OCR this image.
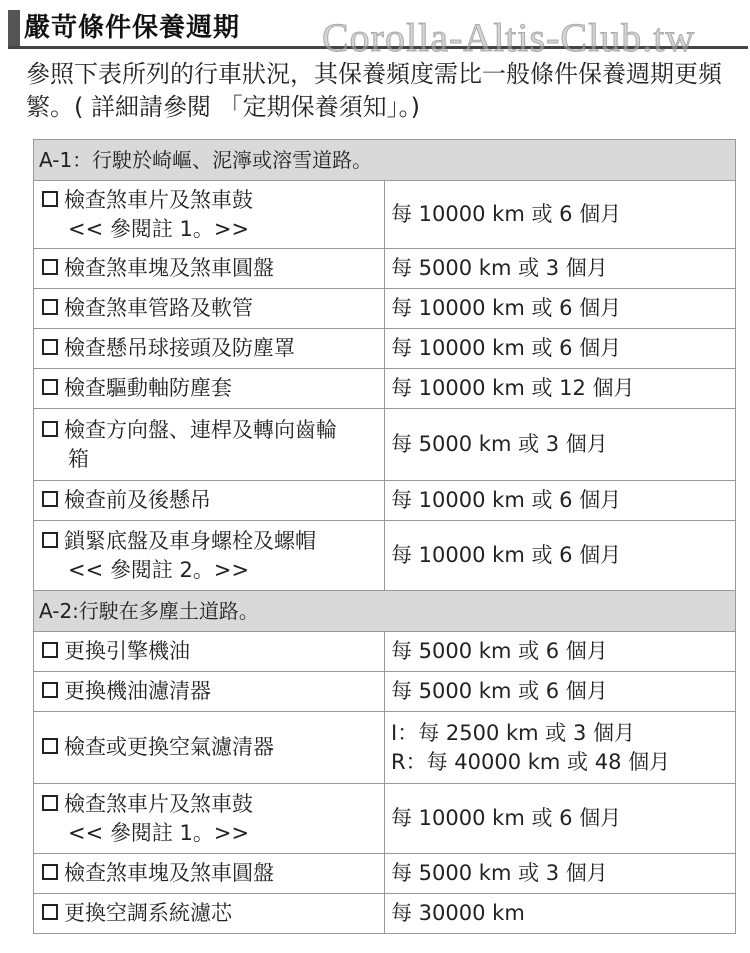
嚴苛條件保養週期 Corolla-Altis-Club.tw
參照下表所列的行車狀況，其保養頻度需比一般條件保養週期更頻繁。( 詳細請參閱 「定期保養須知」。)
A-1：行駛於崎嶇、泥濘或溶雪道路。	
檢查煞車片及煞車鼓
<< 參閱註 1。>>	每 10000 km 或 6 個月

檢查煞車塊及煞車圓盤	每 5000 km 或 3 個月

檢查煞車管路及軟管	每 10000 km 或 6 個月

檢查懸吊球接頭及防塵罩	每 10000 km 或 6 個月

檢查驅動軸防塵套	每 10000 km 或 12 個月

檢查方向盤、連桿及轉向齒輪
箱	每 5000 km 或 3 個月

檢查前及後懸吊	每 10000 km 或 6 個月

鎖緊底盤及車身螺栓及螺帽
<< 參閱註 2。>>	每 10000 km 或 6 個月

A-2:行駛在多塵土道路。	
更換引擎機油	每 5000 km 或 6 個月

更換機油濾清器	每 5000 km 或 6 個月

檢查或更換空氣濾清器	I：每 2500 km 或 3 個月
R：每 40000 km 或 48 個月

檢查煞車片及煞車鼓
<< 參閱註 1。>>	每 10000 km 或 6 個月

檢查煞車塊及煞車圓盤	每 5000 km 或 3 個月

更換空調系統濾芯	每 30000 km
